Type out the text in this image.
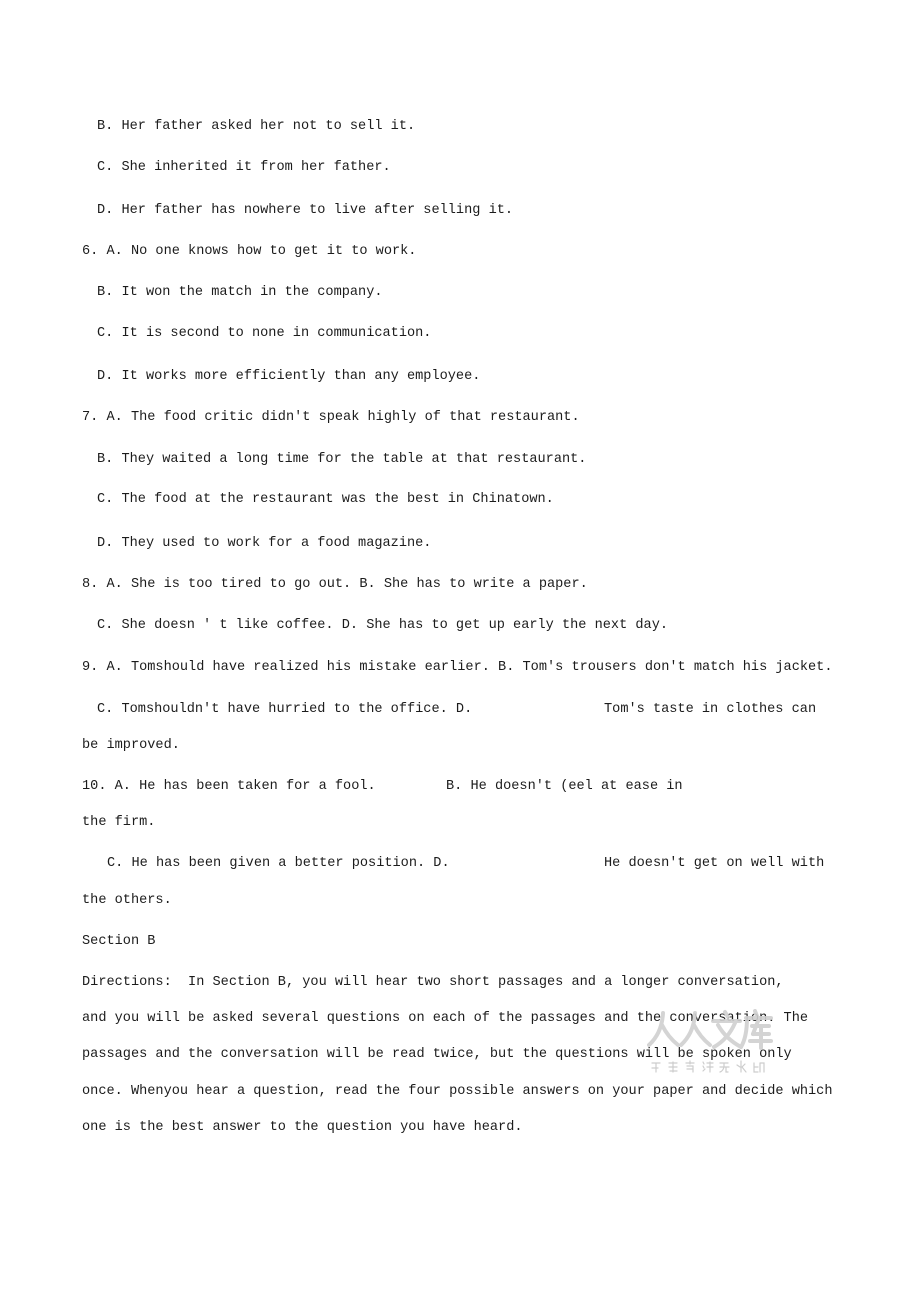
B. Her father asked her not to sell it.
C. She inherited it from her father.
D. Her father has nowhere to live after selling it.
6. A. No one knows how to get it to work.
B. It won the match in the company.
C. It is second to none in communication.
D. It works more efficiently than any employee.
7. A. The food critic didn't speak highly of that restaurant.
B. They waited a long time for the table at that restaurant.
C. The food at the restaurant was the best in Chinatown.
D. They used to work for a food magazine.
8. A. She is too tired to go out. B. She has to write a paper.
C. She doesn ' t like coffee. D. She has to get up early the next day.
9. A. Tomshould have realized his mistake earlier. B. Tom's trousers don't match his jacket.
C. Tomshouldn't have hurried to the office. D.	Tom's taste in clothes can
be improved.
10. A. He has been taken for a fool.	B. He doesn't (eel at ease in
the firm.
C. He has been given a better position. D.	He doesn't get on well with
the others.
Section B
Directions:  In Section B, you will hear two short passages and a longer conversation,
and you will be asked several questions on each of the passages and the conversation. The
passages and the conversation will be read twice, but the questions will be spoken only
once. Whenyou hear a question, read the four possible answers on your paper and decide which
one is the best answer to the question you have heard.
